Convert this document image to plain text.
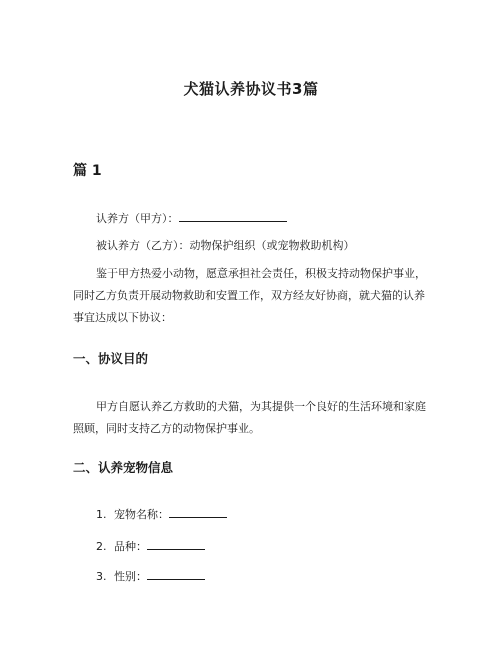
犬猫认养协议书3篇
篇 1
认养方（甲方）：
被认养方（乙方）：动物保护组织（或宠物救助机构）
鉴于甲方热爱小动物，愿意承担社会责任，积极支持动物保护事业，同时乙方负责开展动物救助和安置工作，双方经友好协商，就犬猫的认养事宜达成以下协议：
一、协议目的
甲方自愿认养乙方救助的犬猫，为其提供一个良好的生活环境和家庭照顾，同时支持乙方的动物保护事业。
二、认养宠物信息
1. 宠物名称：
2. 品种：
3. 性别：
